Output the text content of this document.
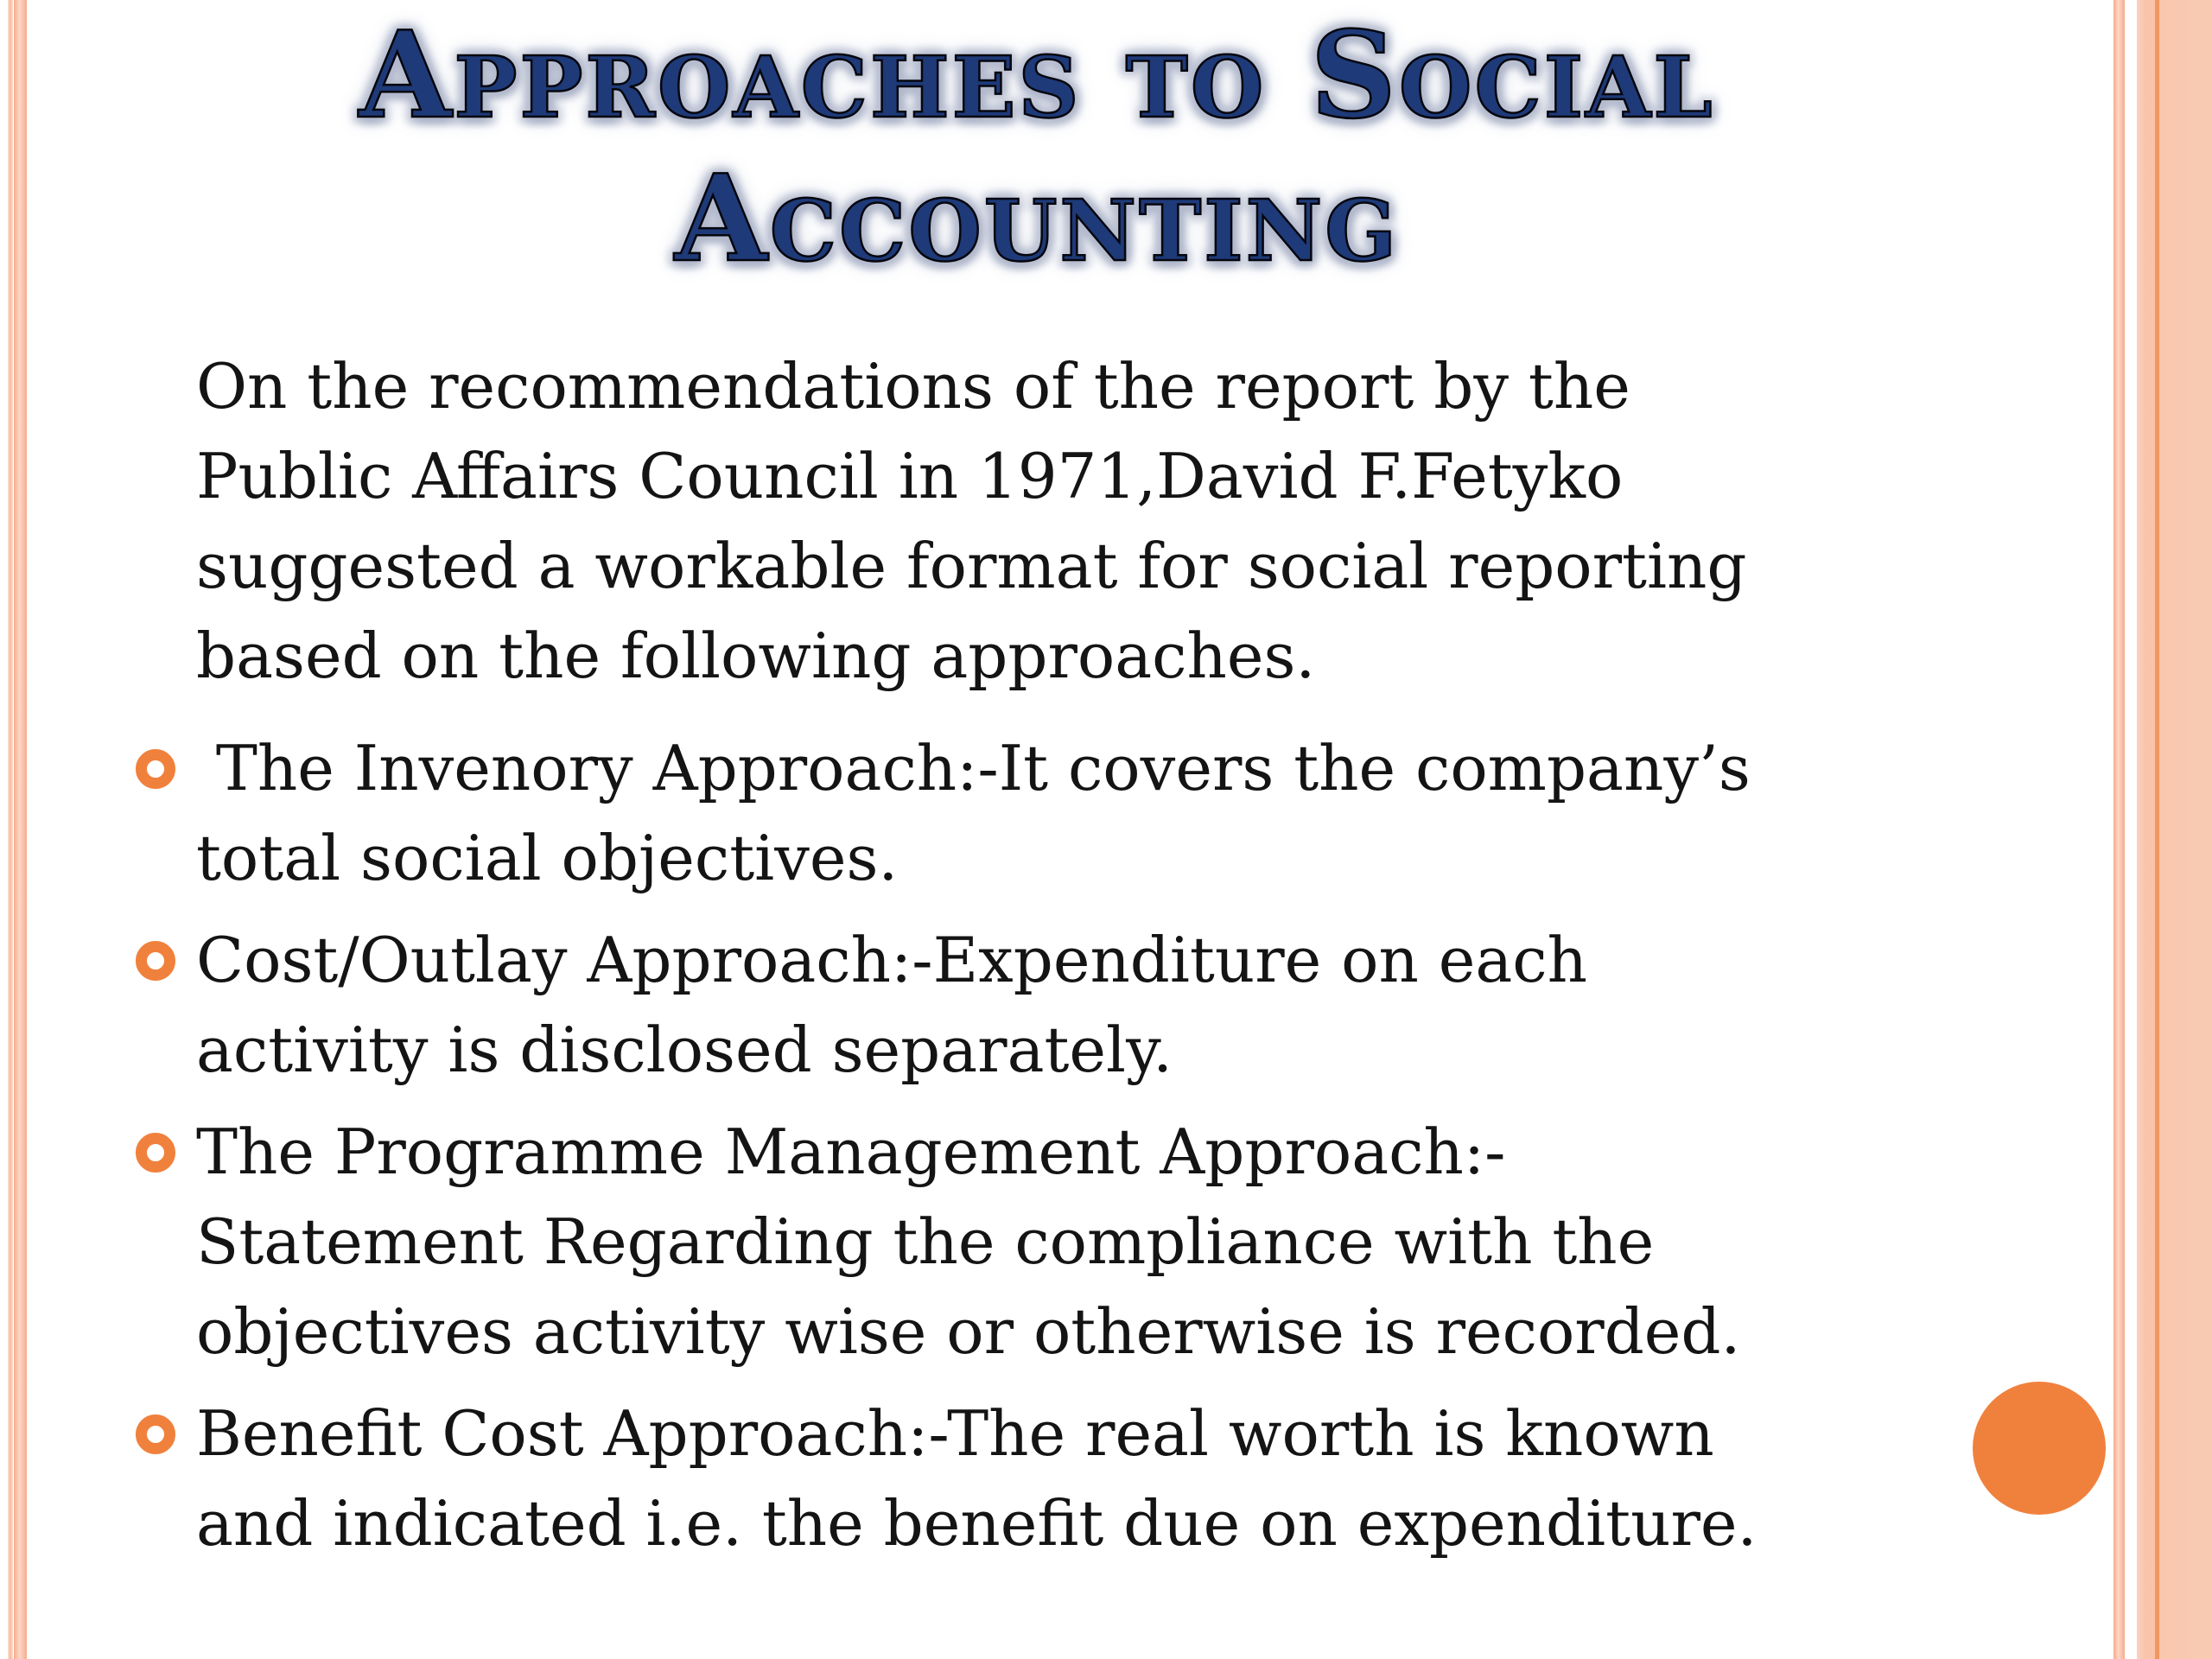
Approaches to Social
Accounting
On the recommendations of the report by the
Public Affairs Council in 1971,David F.Fetyko
suggested a workable format for social reporting
based on the following approaches.
The Invenory Approach:-It covers the company’s
total social objectives.
Cost/Outlay Approach:-Expenditure on each
activity is disclosed separately.
The Programme Management Approach:-
Statement Regarding the compliance with the
objectives activity wise or otherwise is recorded.
Benefit Cost Approach:-The real worth is known
and indicated i.e. the benefit due on expenditure.
